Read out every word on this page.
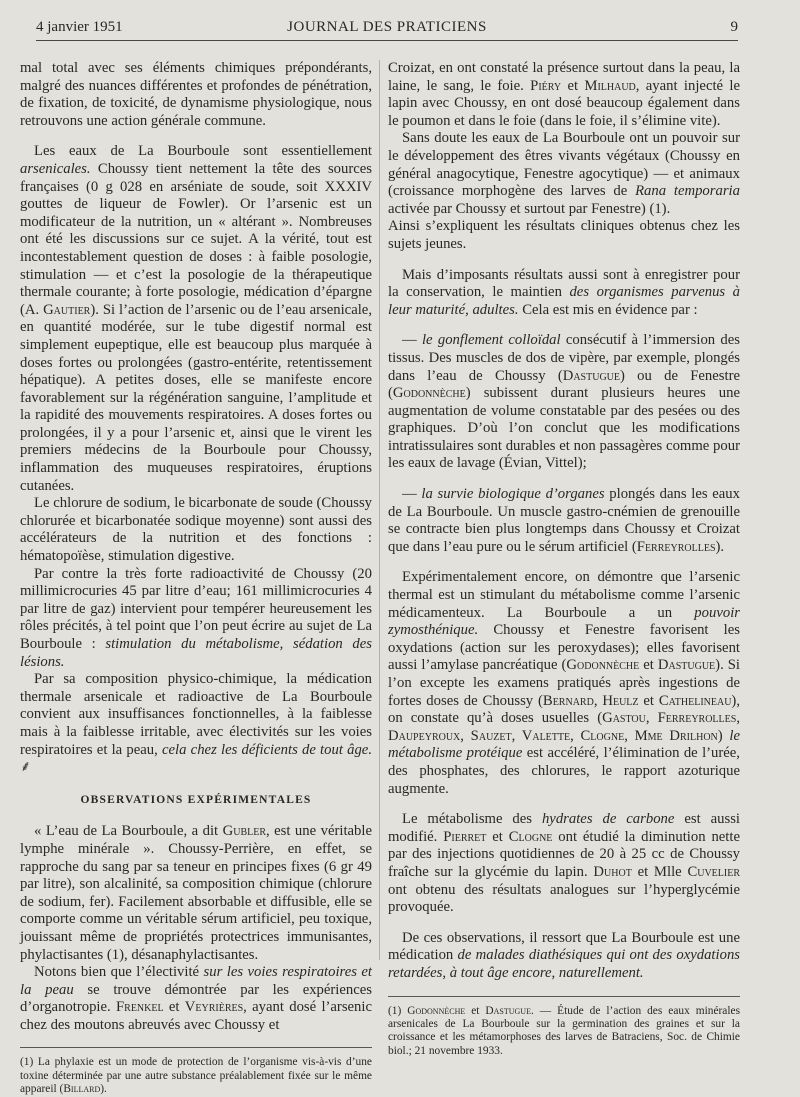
4 janvier 1951	JOURNAL DES PRATICIENS	9

mal total avec ses éléments chimiques prépondérants, malgré des nuances différentes et profondes de pénétration, de fixation, de toxicité, de dynamisme physiologique, nous retrouvons une action générale commune.

Les eaux de La Bourboule sont essentiellement arsenicales. Choussy tient nettement la tête des sources françaises (0 g 028 en arséniate de soude, soit XXXIV gouttes de liqueur de Fowler). Or l’arsenic est un modificateur de la nutrition, un « altérant ». Nombreuses ont été les discussions sur ce sujet. A la vérité, tout est incontestablement question de doses : à faible posologie, stimulation — et c’est la posologie de la thérapeutique thermale courante; à forte posologie, médication d’épargne (A. Gautier). Si l’action de l’arsenic ou de l’eau arsenicale, en quantité modérée, sur le tube digestif normal est simplement eupeptique, elle est beaucoup plus marquée à doses fortes ou prolongées (gastro-entérite, retentissement hépatique). A petites doses, elle se manifeste encore favorablement sur la régénération sanguine, l’amplitude et la rapidité des mouvements respiratoires. A doses fortes ou prolongées, il y a pour l’arsenic et, ainsi que le virent les premiers médecins de la Bourboule pour Choussy, inflammation des muqueuses respiratoires, éruptions cutanées.

Le chlorure de sodium, le bicarbonate de soude (Choussy chlorurée et bicarbonatée sodique moyenne) sont aussi des accélérateurs de la nutrition et des fonctions : hématopoïèse, stimulation digestive.

Par contre la très forte radioactivité de Choussy (20 millimicrocuries 45 par litre d’eau; 161 millimicrocuries 4 par litre de gaz) intervient pour tempérer heureusement les rôles précités, à tel point que l’on peut écrire au sujet de La Bourboule : stimulation du métabolisme, sédation des lésions.

Par sa composition physico-chimique, la médication thermale arsenicale et radioactive de La Bourboule convient aux insuffisances fonctionnelles, à la faiblesse mais à la faiblesse irritable, avec électivités sur les voies respiratoires et la peau, cela chez les déficients de tout âge. ⸙

OBSERVATIONS EXPÉRIMENTALES

« L’eau de La Bourboule, a dit Gubler, est une véritable lymphe minérale ». Choussy-Perrière, en effet, se rapproche du sang par sa teneur en principes fixes (6 gr 49 par litre), son alcalinité, sa composition chimique (chlorure de sodium, fer). Facilement absorbable et diffusible, elle se comporte comme un véritable sérum artificiel, peu toxique, jouissant même de propriétés protectrices immunisantes, phylactisantes (1), désanaphylactisantes.

Notons bien que l’électivité sur les voies respiratoires et la peau se trouve démontrée par les expériences d’organotropie. Frenkel et Veyrières, ayant dosé l’arsenic chez des moutons abreuvés avec Choussy et

(1) La phylaxie est un mode de protection de l’organisme vis-à-vis d’une toxine déterminée par une autre substance préalablement fixée sur le même appareil (Billard).

Croizat, en ont constaté la présence surtout dans la peau, la laine, le sang, le foie. Piéry et Milhaud, ayant injecté le lapin avec Choussy, en ont dosé beaucoup également dans le poumon et dans le foie (dans le foie, il s’élimine vite).

Sans doute les eaux de La Bourboule ont un pouvoir sur le développement des êtres vivants végétaux (Choussy en général anagocytique, Fenestre agocytique) — et animaux (croissance morphogène des larves de Rana temporaria activée par Choussy et surtout par Fenestre) (1).

Ainsi s’expliquent les résultats cliniques obtenus chez les sujets jeunes.

Mais d’imposants résultats aussi sont à enregistrer pour la conservation, le maintien des organismes parvenus à leur maturité, adultes. Cela est mis en évidence par :

— le gonflement colloïdal consécutif à l’immersion des tissus. Des muscles de dos de vipère, par exemple, plongés dans l’eau de Choussy (Dastugue) ou de Fenestre (Godonnèche) subissent durant plusieurs heures une augmentation de volume constatable par des pesées ou des graphiques. D’où l’on conclut que les modifications intratissulaires sont durables et non passagères comme pour les eaux de lavage (Évian, Vittel);

— la survie biologique d’organes plongés dans les eaux de La Bourboule. Un muscle gastro-cnémien de grenouille se contracte bien plus longtemps dans Choussy et Croizat que dans l’eau pure ou le sérum artificiel (Ferreyrolles).

Expérimentalement encore, on démontre que l’arsenic thermal est un stimulant du métabolisme comme l’arsenic médicamenteux. La Bourboule a un pouvoir zymosthénique. Choussy et Fenestre favorisent les oxydations (action sur les peroxydases); elles favorisent aussi l’amylase pancréatique (Godonnèche et Dastugue). Si l’on excepte les examens pratiqués après ingestions de fortes doses de Choussy (Bernard, Heulz et Cathelineau), on constate qu’à doses usuelles (Gastou, Ferreyrolles, Daupeyroux, Sauzet, Valette, Clogne, Mme Drilhon) le métabolisme protéique est accéléré, l’élimination de l’urée, des phosphates, des chlorures, le rapport azoturique augmente.

Le métabolisme des hydrates de carbone est aussi modifié. Pierret et Clogne ont étudié la diminution nette par des injections quotidiennes de 20 à 25 cc de Choussy fraîche sur la glycémie du lapin. Duhot et Mlle Cuvelier ont obtenu des résultats analogues sur l’hyperglycémie provoquée.

De ces observations, il ressort que La Bourboule est une médication de malades diathésiques qui ont des oxydations retardées, à tout âge encore, naturellement.

(1) Godonnèche et Dastugue. — Étude de l’action des eaux minérales arsenicales de La Bourboule sur la germination des graines et sur la croissance et les métamorphoses des larves de Batraciens, Soc. de Chimie biol.; 21 novembre 1933.
